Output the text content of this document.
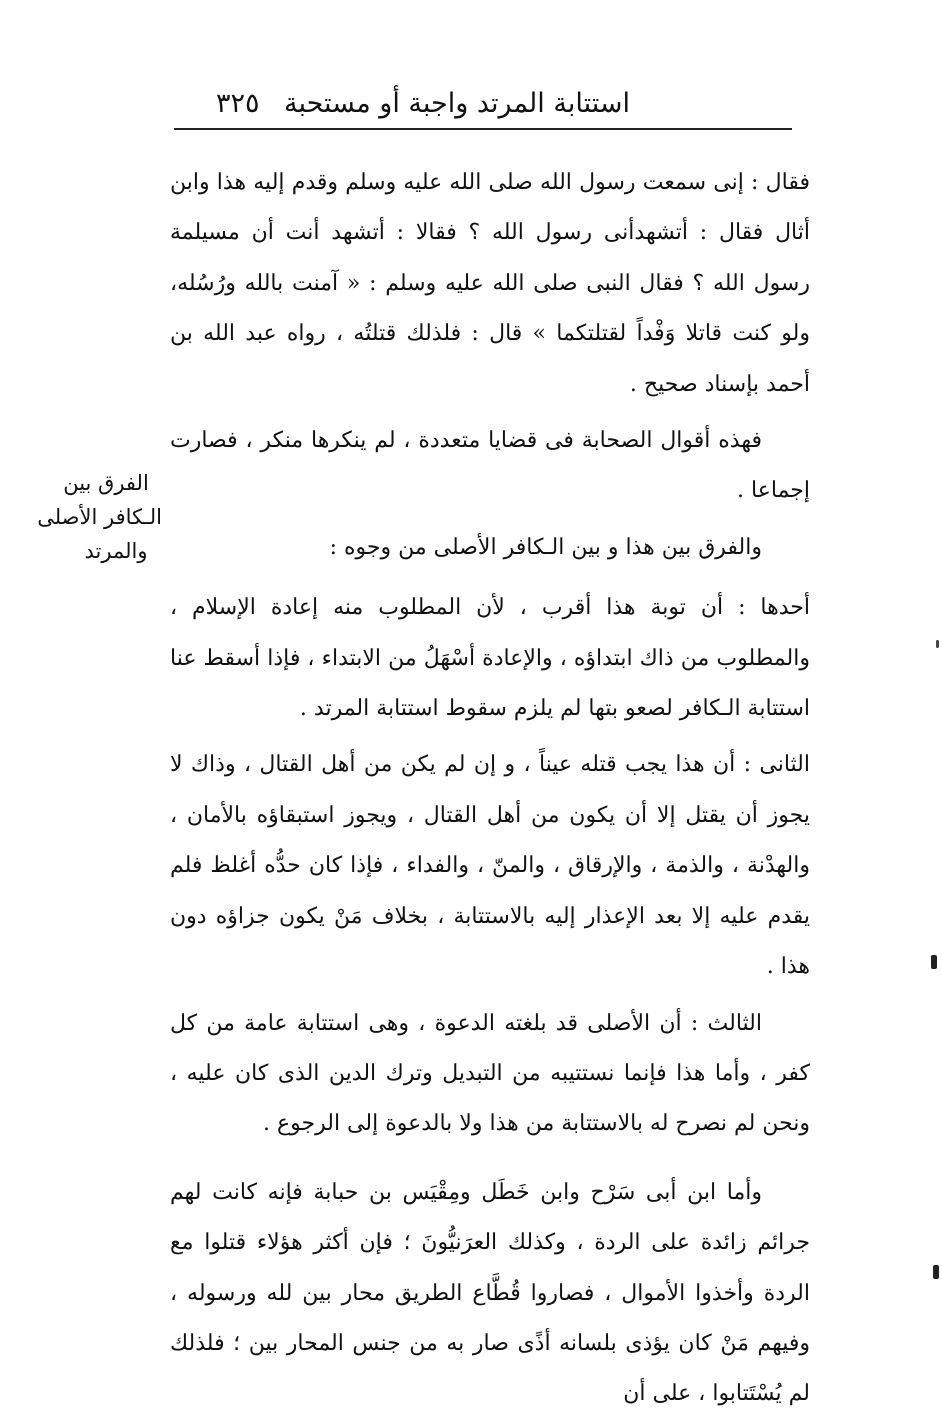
استتابة المرتد واجبة أو مستحبة
٣٢٥
الفرق بين
الـكافر الأصلى
والمرتد

فقال : إنى سمعت رسول الله صلى الله عليه وسلم وقدم إليه هذا وابن أثال فقال : أتشهدأنى رسول الله ؟ فقالا : أتشهد أنت أن مسيلمة رسول الله ؟ فقال النبى صلى الله عليه وسلم : « آمنت بالله ورُسُله، ولو كنت قاتلا وَفْداً لقتلتكما » قال : فلذلك قتلتُه ، رواه عبد الله بن أحمد بإسناد صحيح .

فهذه أقوال الصحابة فى قضايا متعددة ، لم ينكرها منكر ، فصارت إجماعا .

والفرق بين هذا و بين الـكافر الأصلى من وجوه :

أحدها : أن توبة هذا أقرب ، لأن المطلوب منه إعادة الإسلام ، والمطلوب من ذاك ابتداؤه ، والإعادة أسْهَلُ من الابتداء ، فإذا أسقط عنا استتابة الـكافر لصعو بتها لم يلزم سقوط استتابة المرتد .

الثانى : أن هذا يجب قتله عيناً ، و إن لم يكن من أهل القتال ، وذاك لا يجوز أن يقتل إلا أن يكون من أهل القتال ، ويجوز استبقاؤه بالأمان ، والهدْنة ، والذمة ، والإرقاق ، والمنّ ، والفداء ، فإذا كان حدُّه أغلظ فلم يقدم عليه إلا بعد الإعذار إليه بالاستتابة ، بخلاف مَنْ يكون جزاؤه دون هذا .

الثالث : أن الأصلى قد بلغته الدعوة ، وهى استتابة عامة من كل كفر ، وأما هذا فإنما نستتيبه من التبديل وترك الدين الذى كان عليه ، ونحن لم نصرح له بالاستتابة من هذا ولا بالدعوة إلى الرجوع .

وأما ابن أبى سَرْح وابن خَطَل ومِقْيَس بن حبابة فإنه كانت لهم جرائم زائدة على الردة ، وكذلك العرَنيُّونَ ؛ فإن أكثر هؤلاء قتلوا مع الردة وأخذوا الأموال ، فصاروا قُطَّاع الطريق محار بين لله ورسوله ، وفيهم مَنْ كان يؤذى بلسانه أذًى صار به من جنس المحار بين ؛ فلذلك لم يُسْتَتابوا ، على أن
